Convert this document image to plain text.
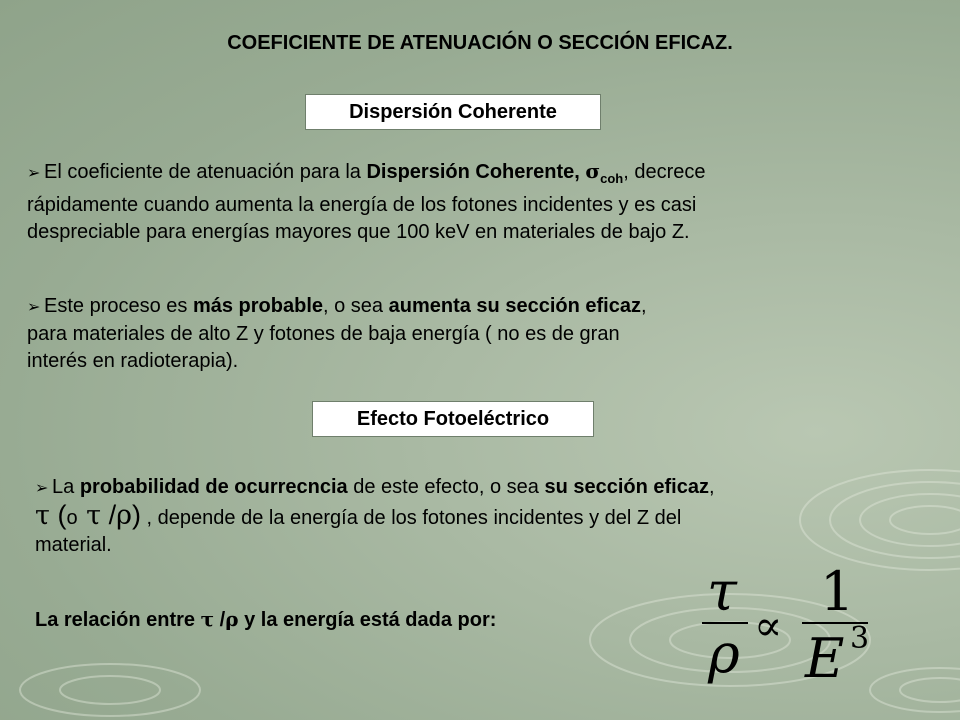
COEFICIENTE DE ATENUACIÓN O SECCIÓN EFICAZ.
Dispersión Coherente
➢ El coeficiente de atenuación para la Dispersión Coherente, $\sigma_{coh}$, decrece
rápidamente cuando aumenta la energía de los fotones incidentes y es casi
despreciable para energías mayores que 100 keV en materiales de bajo Z.
➢ Este proceso es más probable, o sea aumenta su sección eficaz,
para materiales de alto Z y fotones de baja energía ( no es de gran
interés en radioterapia).
Efecto Fotoeléctrico
➢ La probabilidad de ocurrecncia de este efecto, o sea su sección eficaz,
τ (o τ /ρ) , depende de la energía de los fotones incidentes y del Z del
material.
La relación entre τ /ρ y la energía está dada por:	τ
ρ ∝
1
E 3
